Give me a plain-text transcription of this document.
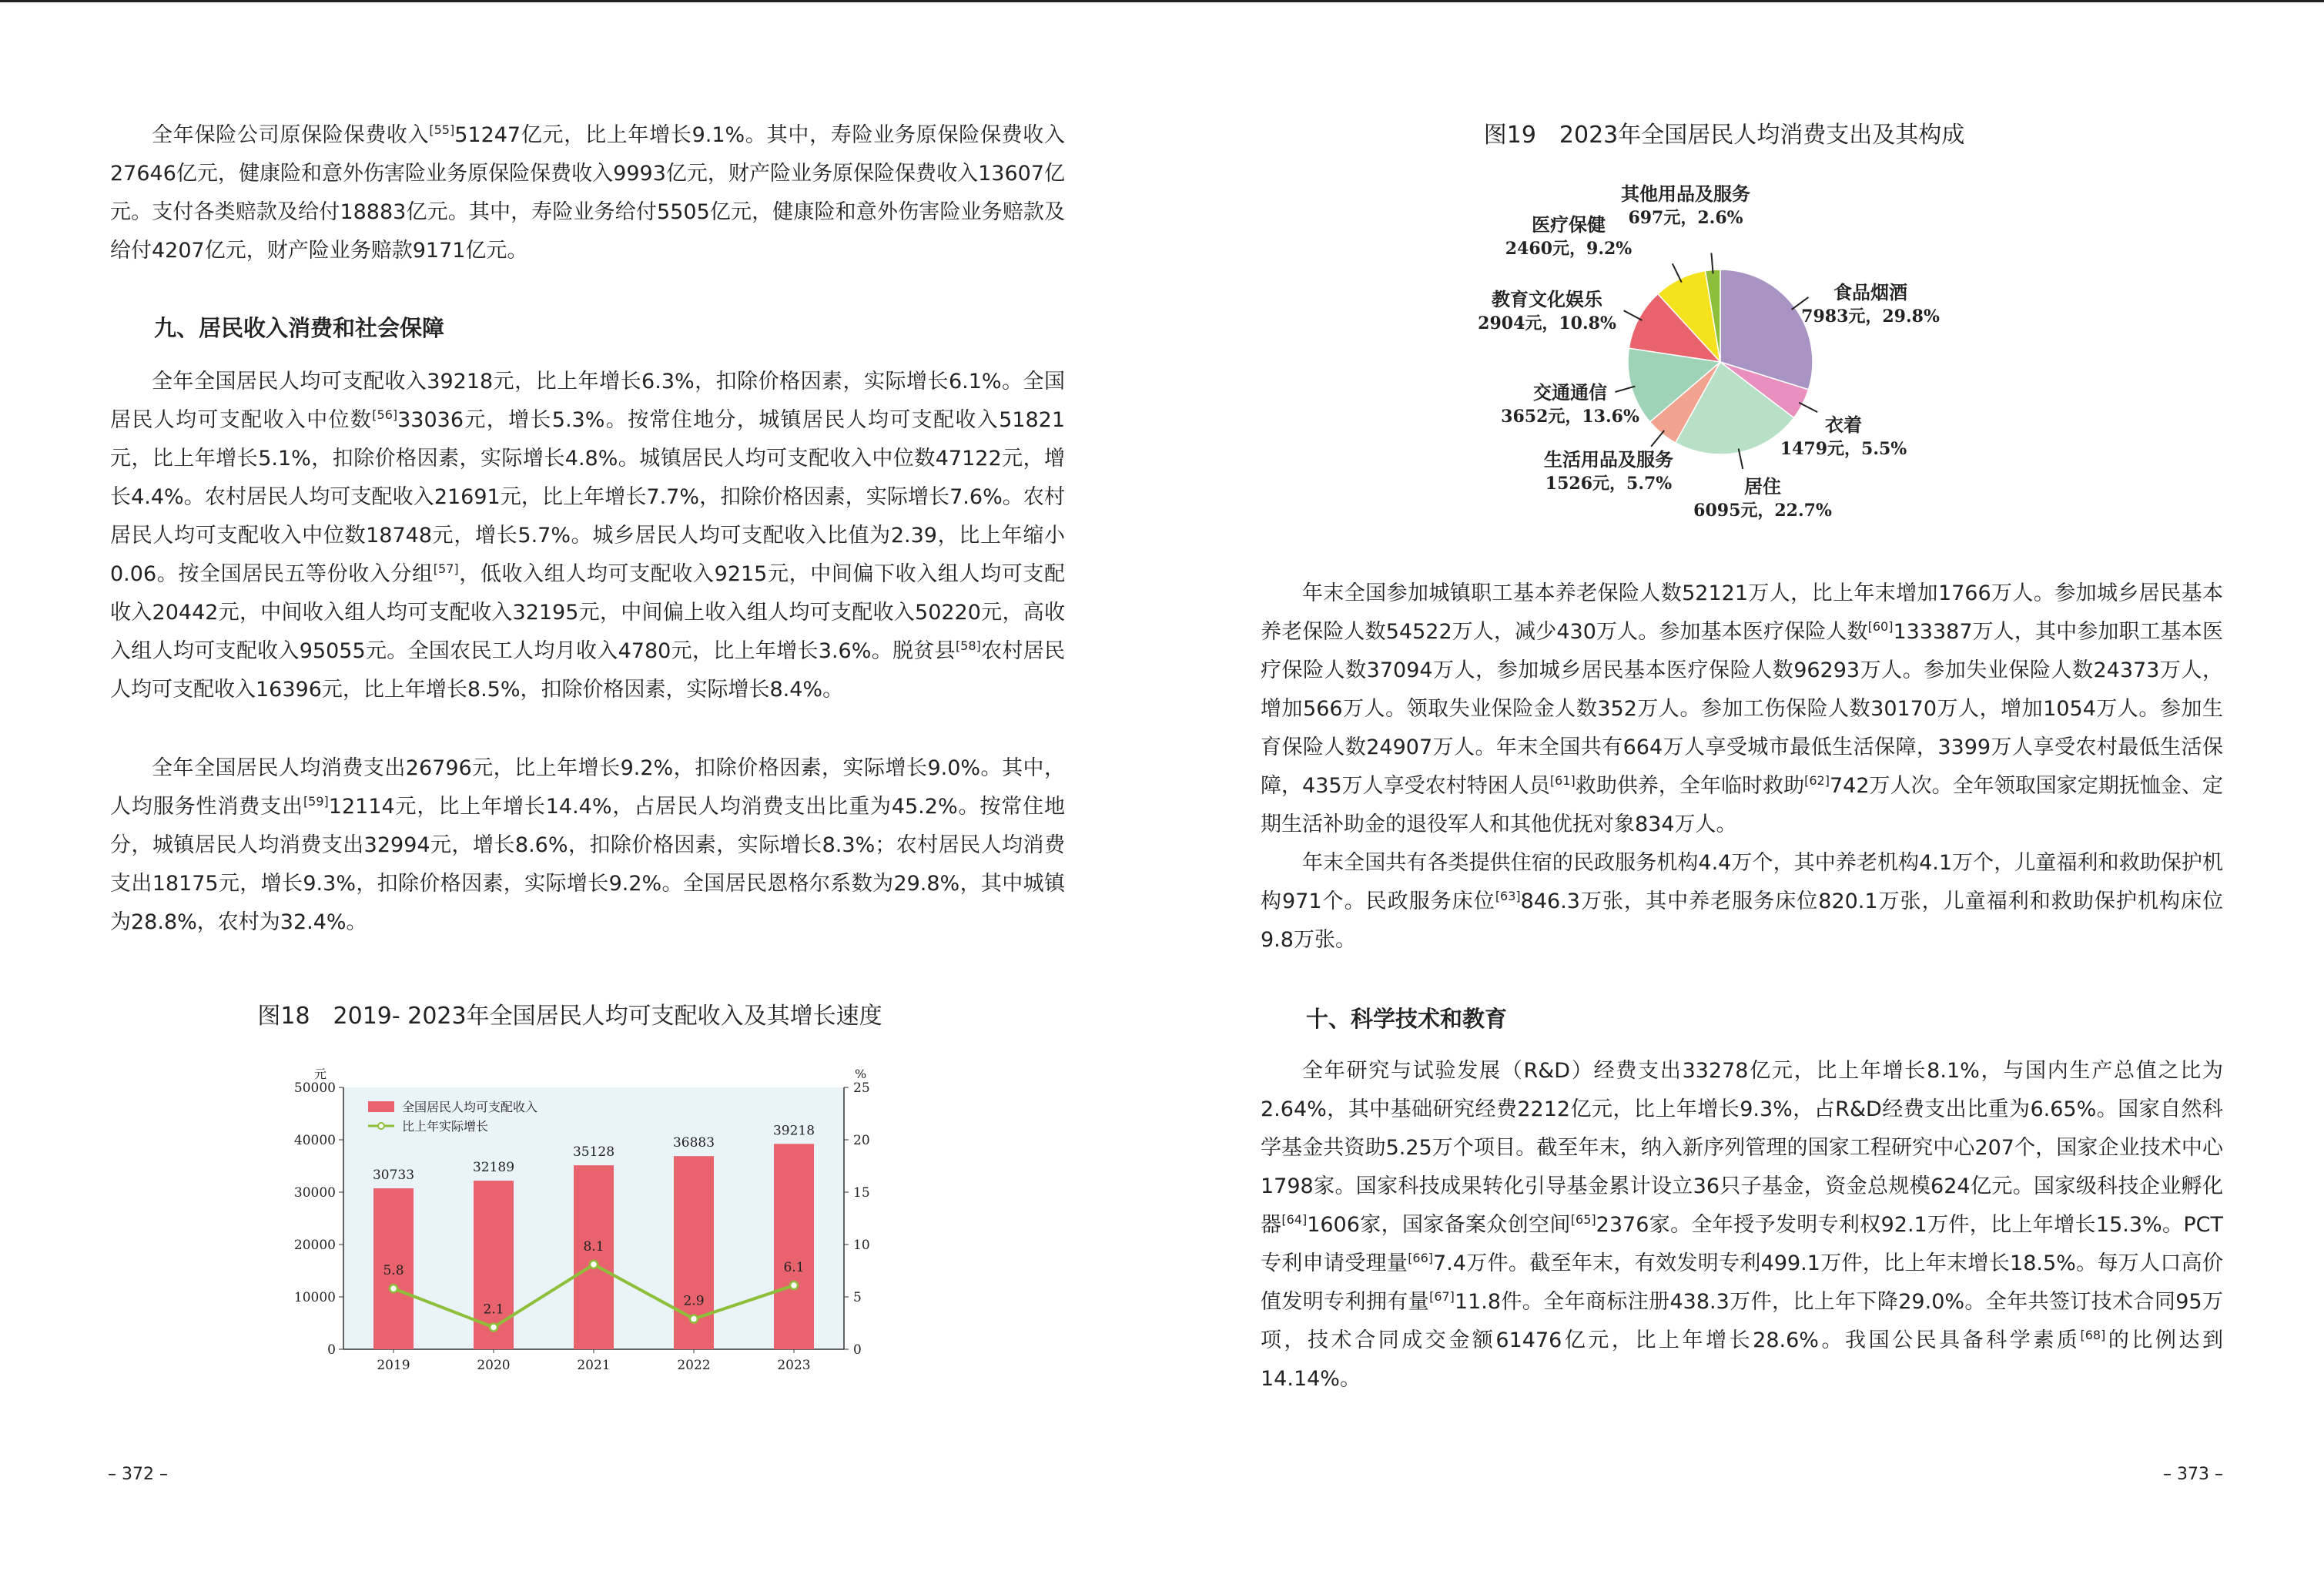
全年保险公司原保险保费收入[55]51247亿元，比上年增长9.1%。其中，寿险业务原保险保费收入27646亿元，健康险和意外伤害险业务原保险保费收入9993亿元，财产险业务原保险保费收入13607亿元。支付各类赔款及给付18883亿元。其中，寿险业务给付5505亿元，健康险和意外伤害险业务赔款及给付4207亿元，财产险业务赔款9171亿元。

九、居民收入消费和社会保障

全年全国居民人均可支配收入39218元，比上年增长6.3%，扣除价格因素，实际增长6.1%。全国居民人均可支配收入中位数[56]33036元，增长5.3%。按常住地分，城镇居民人均可支配收入51821元，比上年增长5.1%，扣除价格因素，实际增长4.8%。城镇居民人均可支配收入中位数47122元，增长4.4%。农村居民人均可支配收入21691元，比上年增长7.7%，扣除价格因素，实际增长7.6%。农村居民人均可支配收入中位数18748元，增长5.7%。城乡居民人均可支配收入比值为2.39，比上年缩小0.06。按全国居民五等份收入分组[57]，低收入组人均可支配收入9215元，中间偏下收入组人均可支配收入20442元，中间收入组人均可支配收入32195元，中间偏上收入组人均可支配收入50220元，高收入组人均可支配收入95055元。全国农民工人均月收入4780元，比上年增长3.6%。脱贫县[58]农村居民人均可支配收入16396元，比上年增长8.5%，扣除价格因素，实际增长8.4%。

全年全国居民人均消费支出26796元，比上年增长9.2%，扣除价格因素，实际增长9.0%。其中，人均服务性消费支出[59]12114元，比上年增长14.4%，占居民人均消费支出比重为45.2%。按常住地分，城镇居民人均消费支出32994元，增长8.6%，扣除价格因素，实际增长8.3%；农村居民人均消费支出18175元，增长9.3%，扣除价格因素，实际增长9.2%。全国居民恩格尔系数为29.8%，其中城镇为28.8%，农村为32.4%。

图18　2019- 2023年全国居民人均可支配收入及其增长速度
0
10000
20000
30000
40000
50000
0
5
10
15
20
25
元	%
30733	32189
35128
36883
39218
2019	2020	2021	2022	2023
5.8
2.1
8.1
2.9
6.1
全国居民人均可支配收入
比上年实际增长
– 372 –
图19　2023年全国居民人均消费支出及其构成
食品烟酒
7983元，29.8%
衣着
1479元，5.5%
居住
6095元，22.7%
生活用品及服务
1526元，5.7%
交通通信
3652元，13.6%
教育文化娱乐
2904元，10.8%
医疗保健
2460元，9.2%
其他用品及服务
697元，2.6%

年末全国参加城镇职工基本养老保险人数52121万人，比上年末增加1766万人。参加城乡居民基本养老保险人数54522万人，减少430万人。参加基本医疗保险人数[60]133387万人，其中参加职工基本医疗保险人数37094万人，参加城乡居民基本医疗保险人数96293万人。参加失业保险人数24373万人，增加566万人。领取失业保险金人数352万人。参加工伤保险人数30170万人，增加1054万人。参加生育保险人数24907万人。年末全国共有664万人享受城市最低生活保障，3399万人享受农村最低生活保障，435万人享受农村特困人员[61]救助供养，全年临时救助[62]742万人次。全年领取国家定期抚恤金、定期生活补助金的退役军人和其他优抚对象834万人。

年末全国共有各类提供住宿的民政服务机构4.4万个，其中养老机构4.1万个，儿童福利和救助保护机构971个。民政服务床位[63]846.3万张，其中养老服务床位820.1万张，儿童福利和救助保护机构床位9.8万张。

十、科学技术和教育

全年研究与试验发展（R&D）经费支出33278亿元，比上年增长8.1%，与国内生产总值之比为2.64%，其中基础研究经费2212亿元，比上年增长9.3%，占R&D经费支出比重为6.65%。国家自然科学基金共资助5.25万个项目。截至年末，纳入新序列管理的国家工程研究中心207个，国家企业技术中心1798家。国家科技成果转化引导基金累计设立36只子基金，资金总规模624亿元。国家级科技企业孵化器[64]1606家，国家备案众创空间[65]2376家。全年授予发明专利权92.1万件，比上年增长15.3%。PCT专利申请受理量[66]7.4万件。截至年末，有效发明专利499.1万件，比上年末增长18.5%。每万人口高价值发明专利拥有量[67]11.8件。全年商标注册438.3万件，比上年下降29.0%。全年共签订技术合同95万项，技术合同成交金额61476亿元，比上年增长28.6%。我国公民具备科学素质[68]的比例达到14.14%。

– 373 –
